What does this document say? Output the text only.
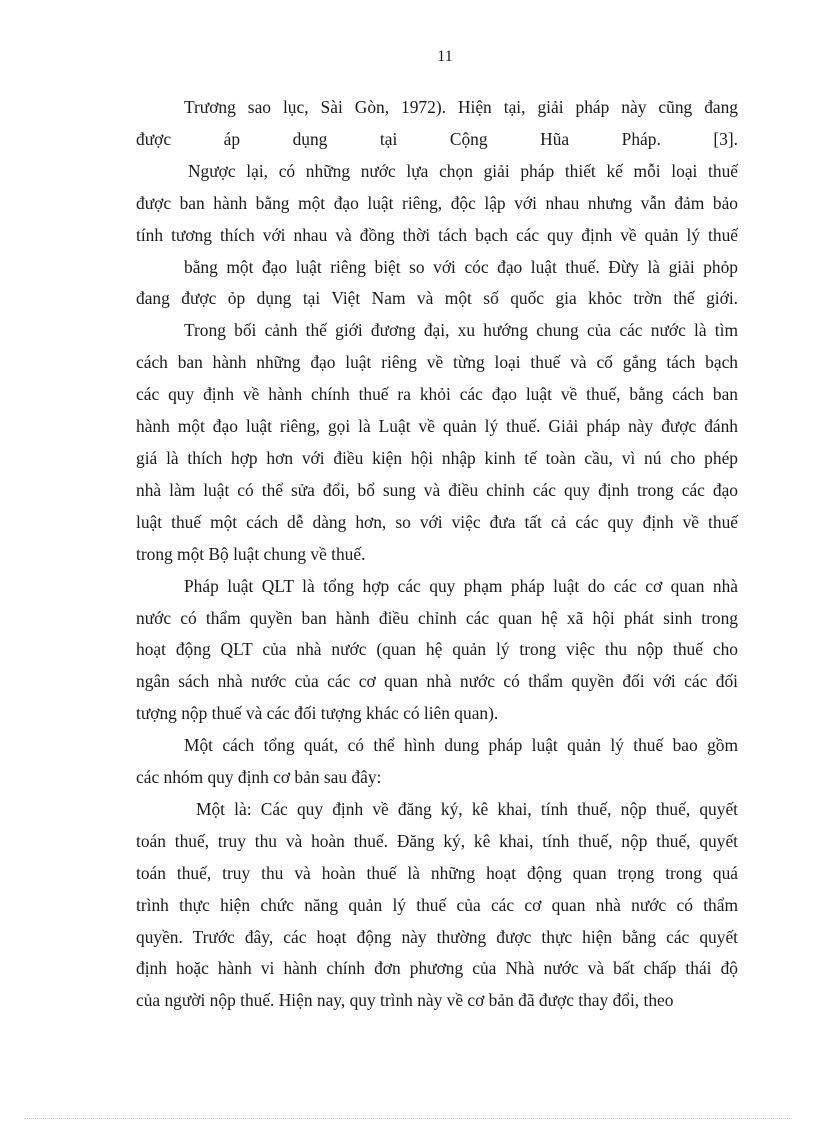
11
Trương sao lục, Sài Gòn, 1972). Hiện tại, giải pháp này cũng đang
được áp dụng tại Cộng Hũa Pháp. [3].
Ngược lại, có những nước lựa chọn giải pháp thiết kế mỗi loại thuế
được ban hành bằng một đạo luật riêng, độc lập với nhau nhưng vẫn đảm bảo
tính tương thích với nhau và đồng thời tách bạch các quy định về quản lý thuế
bằng một đạo luật riêng biệt so với cóc đạo luật thuế. Đừy là giải phỏp
đang được ỏp dụng tại Việt Nam và một số quốc gia khỏc trờn thế giới.
Trong bối cảnh thế giới đương đại, xu hướng chung của các nước là tìm
cách ban hành những đạo luật riêng về từng loại thuế và cố gắng tách bạch
các quy định về hành chính thuế ra khỏi các đạo luật về thuế, bằng cách ban
hành một đạo luật riêng, gọi là Luật về quản lý thuế. Giải pháp này được đánh
giá là thích hợp hơn với điều kiện hội nhập kinh tế toàn cầu, vì nú cho phép
nhà làm luật có thể sửa đổi, bổ sung và điều chỉnh các quy định trong các đạo
luật thuế một cách dễ dàng hơn, so với việc đưa tất cả các quy định về thuế
trong một Bộ luật chung về thuế.
Pháp luật QLT là tổng hợp các quy phạm pháp luật do các cơ quan nhà
nước có thẩm quyền ban hành điều chỉnh các quan hệ xã hội phát sinh trong
hoạt động QLT của nhà nước (quan hệ quản lý trong việc thu nộp thuế cho
ngân sách nhà nước của các cơ quan nhà nước có thẩm quyền đối với các đối
tượng nộp thuế và các đối tượng khác có liên quan).
Một cách tổng quát, có thể hình dung pháp luật quản lý thuế bao gồm
các nhóm quy định cơ bản sau đây:
Một là: Các quy định về đăng ký, kê khai, tính thuế, nộp thuế, quyết
toán thuế, truy thu và hoàn thuế. Đăng ký, kê khai, tính thuế, nộp thuế, quyết
toán thuế, truy thu và hoàn thuế là những hoạt động quan trọng trong quá
trình thực hiện chức năng quản lý thuế của các cơ quan nhà nước có thẩm
quyền. Trước đây, các hoạt động này thường được thực hiện bằng các quyết
định hoặc hành vi hành chính đơn phương của Nhà nước và bất chấp thái độ
của người nộp thuế. Hiện nay, quy trình này về cơ bản đã được thay đổi, theo
